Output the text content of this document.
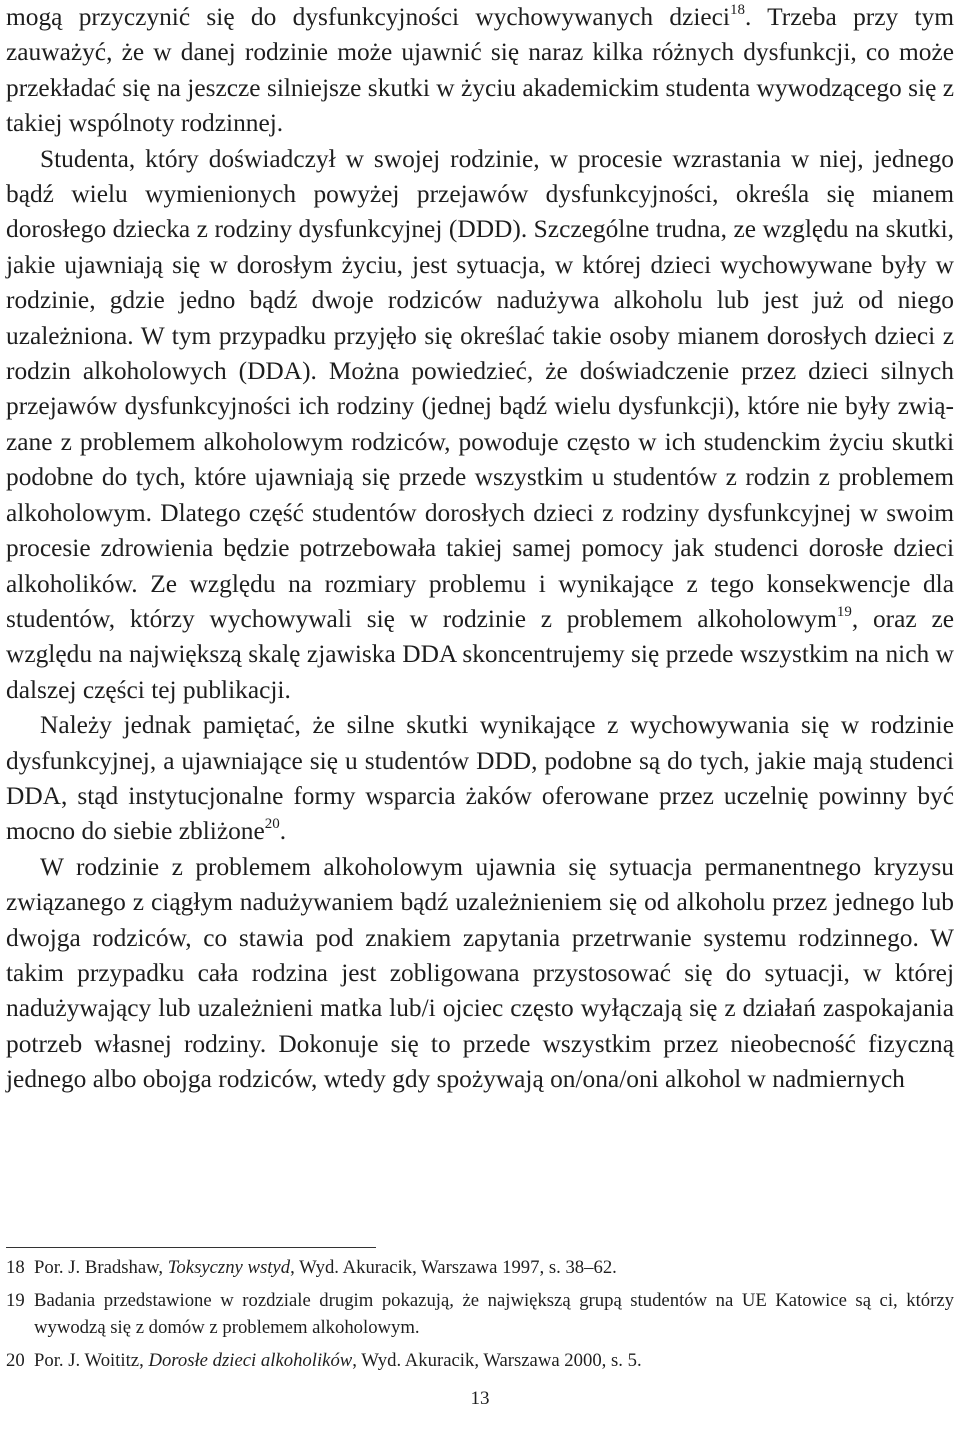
mogą przyczynić się do dysfunkcyjności wychowywanych dzieci$^{18}$. Trzeba przy tym zauważyć, że w danej rodzinie może ujawnić się naraz kilka różnych dysfunkcji, co może przekładać się na jeszcze silniejsze skutki w życiu akademickim studenta wywodzącego się z takiej wspólnoty rodzinnej.

Studenta, który doświadczył w swojej rodzinie, w procesie wzrastania w niej, jednego bądź wielu wymienionych powyżej przejawów dysfunkcyjności, określa się mianem dorosłego dziecka z rodziny dysfunkcyjnej (DDD). Szczególne trudna, ze względu na skutki, jakie ujawniają się w dorosłym życiu, jest sytuacja, w której dzieci wychowywane były w rodzinie, gdzie jedno bądź dwoje rodziców nadużywa alkoholu lub jest już od niego uzależniona. W tym przypadku przyjęło się określać takie osoby mianem dorosłych dzieci z rodzin alkoholowych (DDA). Można powiedzieć, że doświadczenie przez dzieci silnych przejawów dysfunkcyjności ich rodziny (jednej bądź wielu dysfunkcji), które nie były związane z problemem alkoholowym rodziców, powoduje często w ich studenckim życiu skutki podobne do tych, które ujawniają się przede wszystkim u studentów z rodzin z problemem alkoholowym. Dlatego część studentów dorosłych dzieci z rodziny dysfunkcyjnej w swoim procesie zdrowienia będzie potrzebowała takiej samej pomocy jak studenci dorosłe dzieci alkoholików. Ze względu na rozmiary problemu i wynikające z tego konsekwencje dla studentów, którzy wychowywali się w rodzinie z problemem alkoholowym$^{19}$, oraz ze względu na największą skalę zjawiska DDA skoncentrujemy się przede wszystkim na nich w dalszej części tej publikacji.

Należy jednak pamiętać, że silne skutki wynikające z wychowywania się w rodzinie dysfunkcyjnej, a ujawniające się u studentów DDD, podobne są do tych, jakie mają studenci DDA, stąd instytucjonalne formy wsparcia żaków oferowane przez uczelnię powinny być mocno do siebie zbliżone$^{20}$.

W rodzinie z problemem alkoholowym ujawnia się sytuacja permanentnego kryzysu związanego z ciągłym nadużywaniem bądź uzależnieniem się od alkoholu przez jednego lub dwojga rodziców, co stawia pod znakiem zapytania przetrwanie systemu rodzinnego. W takim przypadku cała rodzina jest zobligowana przystosować się do sytuacji, w której nadużywający lub uzależnieni matka lub/i ojciec często wyłączają się z działań zaspokajania potrzeb własnej rodziny. Dokonuje się to przede wszystkim przez nieobecność fizyczną jednego albo obojga rodziców, wtedy gdy spożywają on/ona/oni alkohol w nadmiernych

18 Por. J. Bradshaw, Toksyczny wstyd, Wyd. Akuracik, Warszawa 1997, s. 38–62.
19 Badania przedstawione w rozdziale drugim pokazują, że największą grupą studentów na UE Katowice są ci, którzy wywodzą się z domów z problemem alkoholowym.
20 Por. J. Woititz, Dorosłe dzieci alkoholików, Wyd. Akuracik, Warszawa 2000, s. 5.
13
